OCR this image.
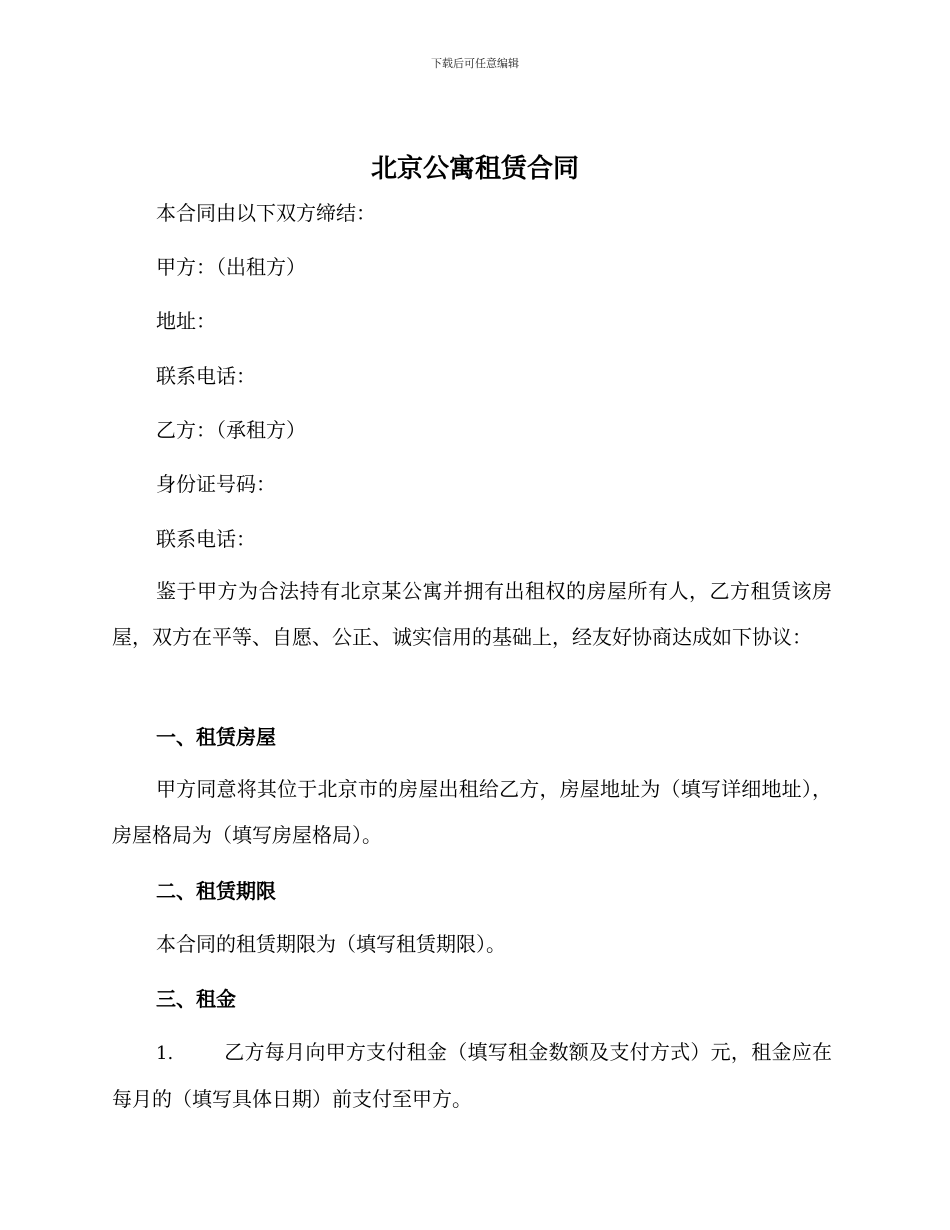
下载后可任意编辑
北京公寓租赁合同
本合同由以下双方缔结：
甲方：（出租方）
地址：
联系电话：
乙方：（承租方）
身份证号码：
联系电话：
鉴于甲方为合法持有北京某公寓并拥有出租权的房屋所有人，乙方租赁该房屋，双方在平等、自愿、公正、诚实信用的基础上，经友好协商达成如下协议：
一、租赁房屋
甲方同意将其位于北京市的房屋出租给乙方，房屋地址为（填写详细地址），房屋格局为（填写房屋格局）。
二、租赁期限
本合同的租赁期限为（填写租赁期限）。
三、租金
1.	乙方每月向甲方支付租金（填写租金数额及支付方式）元，租金应在每月的（填写具体日期）前支付至甲方。
